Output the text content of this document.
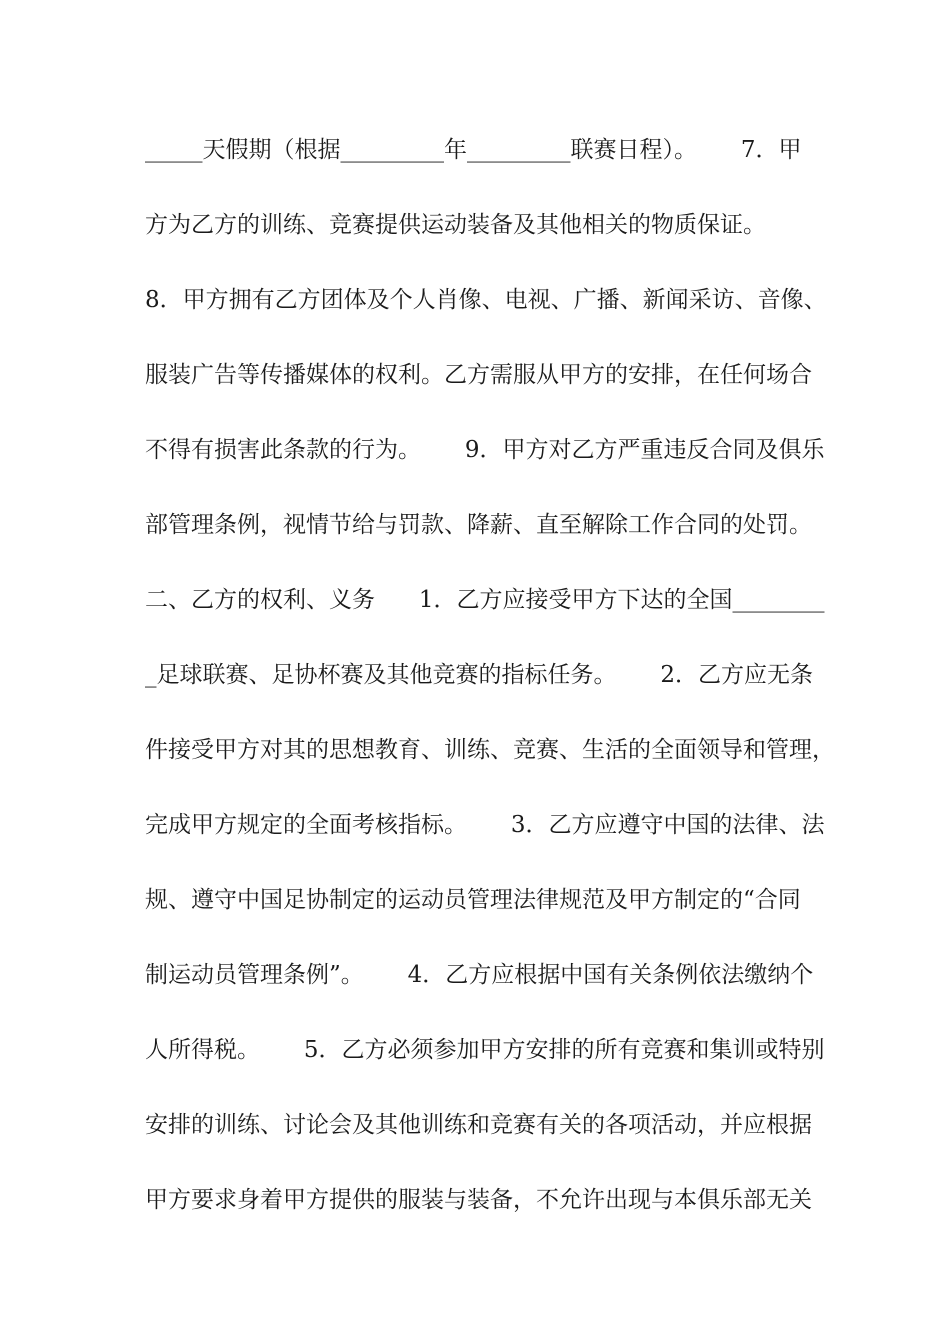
_____天假期（根据_________年_________联赛日程）。      7．甲
方为乙方的训练、竞赛提供运动装备及其他相关的物质保证。
8．甲方拥有乙方团体及个人肖像、电视、广播、新闻采访、音像、
服装广告等传播媒体的权利。乙方需服从甲方的安排，在任何场合
不得有损害此条款的行为。      9．甲方对乙方严重违反合同及俱乐
部管理条例，视情节给与罚款、降薪、直至解除工作合同的处罚。
二、乙方的权利、义务      1．乙方应接受甲方下达的全国________
_足球联赛、足协杯赛及其他竞赛的指标任务。      2．乙方应无条
件接受甲方对其的思想教育、训练、竞赛、生活的全面领导和管理，
完成甲方规定的全面考核指标。      3．乙方应遵守中国的法律、法
规、遵守中国足协制定的运动员管理法律规范及甲方制定的“合同
制运动员管理条例”。      4．乙方应根据中国有关条例依法缴纳个
人所得税。      5．乙方必须参加甲方安排的所有竞赛和集训或特别
安排的训练、讨论会及其他训练和竞赛有关的各项活动，并应根据
甲方要求身着甲方提供的服装与装备，不允许出现与本俱乐部无关
